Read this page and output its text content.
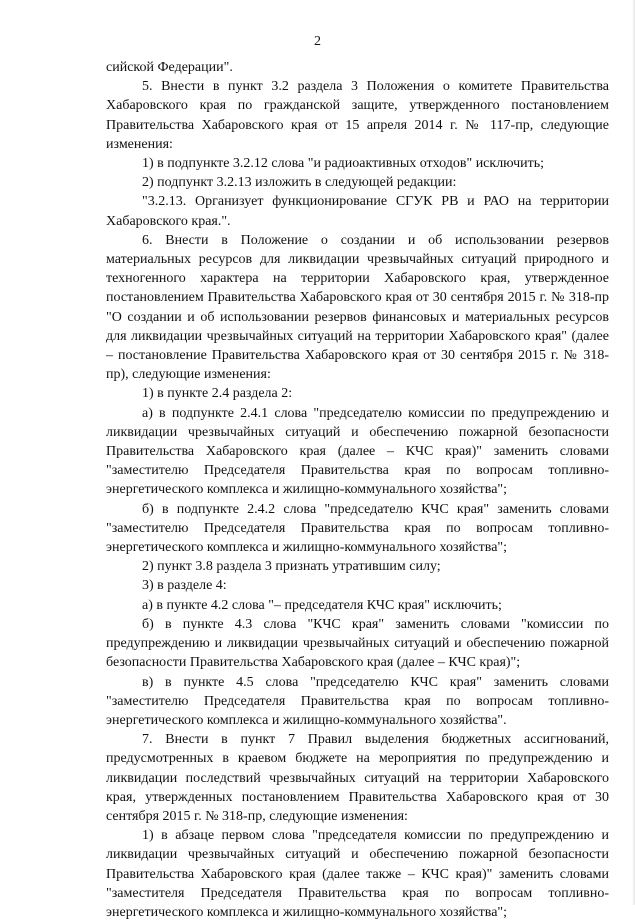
2

сийской Федерации".

5. Внести в пункт 3.2 раздела 3 Положения о комитете Правительства Хабаровского края по гражданской защите, утвержденного постановлением Правительства Хабаровского края от 15 апреля 2014 г. № 117-пр, следующие изменения:

1) в подпункте 3.2.12 слова "и радиоактивных отходов" исключить;

2) подпункт 3.2.13 изложить в следующей редакции:

"3.2.13. Организует функционирование СГУК РВ и РАО на территории Хабаровского края.".

6. Внести в Положение о создании и об использовании резервов материальных ресурсов для ликвидации чрезвычайных ситуаций природного и техногенного характера на территории Хабаровского края, утвержденное постановлением Правительства Хабаровского края от 30 сентября 2015 г. № 318-пр "О создании и об использовании резервов финансовых и материальных ресурсов для ликвидации чрезвычайных ситуаций на территории Хабаровского края" (далее – постановление Правительства Хабаровского края от 30 сентября 2015 г. № 318-пр), следующие изменения:

1) в пункте 2.4 раздела 2:

а) в подпункте 2.4.1 слова "председателю комиссии по предупреждению и ликвидации чрезвычайных ситуаций и обеспечению пожарной безопасности Правительства Хабаровского края (далее – КЧС края)" заменить словами "заместителю Председателя Правительства края по вопросам топливно-энергетического комплекса и жилищно-коммунального хозяйства";

б) в подпункте 2.4.2 слова "председателю КЧС края" заменить словами "заместителю Председателя Правительства края по вопросам топливно-энергетического комплекса и жилищно-коммунального хозяйства";

2) пункт 3.8 раздела 3 признать утратившим силу;

3) в разделе 4:

а) в пункте 4.2 слова "– председателя КЧС края" исключить;

б) в пункте 4.3 слова "КЧС края" заменить словами "комиссии по предупреждению и ликвидации чрезвычайных ситуаций и обеспечению пожарной безопасности Правительства Хабаровского края (далее – КЧС края)";

в) в пункте 4.5 слова "председателю КЧС края" заменить словами "заместителю Председателя Правительства края по вопросам топливно-энергетического комплекса и жилищно-коммунального хозяйства".

7. Внести в пункт 7 Правил выделения бюджетных ассигнований, предусмотренных в краевом бюджете на мероприятия по предупреждению и ликвидации последствий чрезвычайных ситуаций на территории Хабаровского края, утвержденных постановлением Правительства Хабаровского края от 30 сентября 2015 г. № 318-пр, следующие изменения:

1) в абзаце первом слова "председателя комиссии по предупреждению и ликвидации чрезвычайных ситуаций и обеспечению пожарной безопасности Правительства Хабаровского края (далее также – КЧС края)" заменить словами "заместителя Председателя Правительства края по вопросам топливно-энергетического комплекса и жилищно-коммунального хозяйства";
